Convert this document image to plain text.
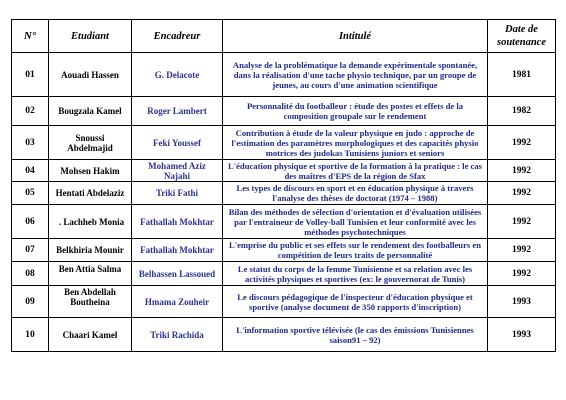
N°	Etudiant	Encadreur	Intitulé	Date de soutenance
01	Aouadi Hassen	G. Delacote	Analyse de la problématique la demande expérimentale spontanée, dans la réalisation d'une tache physio technique, par un groupe de jeunes, au cours d'une animation scientifique	1981
02	Bougzala Kamel	Roger Lambert	Personnalité du footballeur : étude des postes et effets de la composition groupale sur le rendement	1982
03	Snoussi Abdelmajid	Feki Youssef	Contribution à étude de la valeur physique en judo : approche de l'estimation des paramètres morphologiques et des capacités physio motrices des judokas Tunisiens juniors et seniors	1992
04	Mohsen Hakim	Mohamed Aziz Najahi	L'éducation physique et sportive de la formation à la pratique : le cas des maîtres d'EPS de la région de Sfax	1992
05	Hentati Abdelaziz	Triki Fathi	Les types de discours en sport et en éducation physique à travers l'analyse des thèses de doctorat (1974 – 1988)	1992
06	. Lachheb Monia	Fathallah Mokhtar	Bilan des méthodes de sélection d'orientation et d'évaluation utilisées par l'entraineur de Volley-ball Tunisien et leur conformité avec les méthodes psychotechniques	1992
07	Belkhiria Mounir	Fathallah Mokhtar	L'emprise du public et ses effets sur le rendement des footballeurs en compétition de leurs traits de personnalité	1992
08	Ben Attia Salma	Belhassen Lassoued	Le statut du corps de la femme Tunisienne et sa relation avec les activités physiques et sportives (ex: le gouvernorat de Tunis)	1992
09	Ben Abdellah Boutheina	Hmama Zouheir	Le discours pédagogique de l'inspecteur d'éducation physique et sportive (analyse document de 350 rapports d'inscription)	1993
10	Chaari Kamel	Triki Rachida	L'information sportive télévisée (le cas des émissions Tunisiennes saison91 – 92)	1993
